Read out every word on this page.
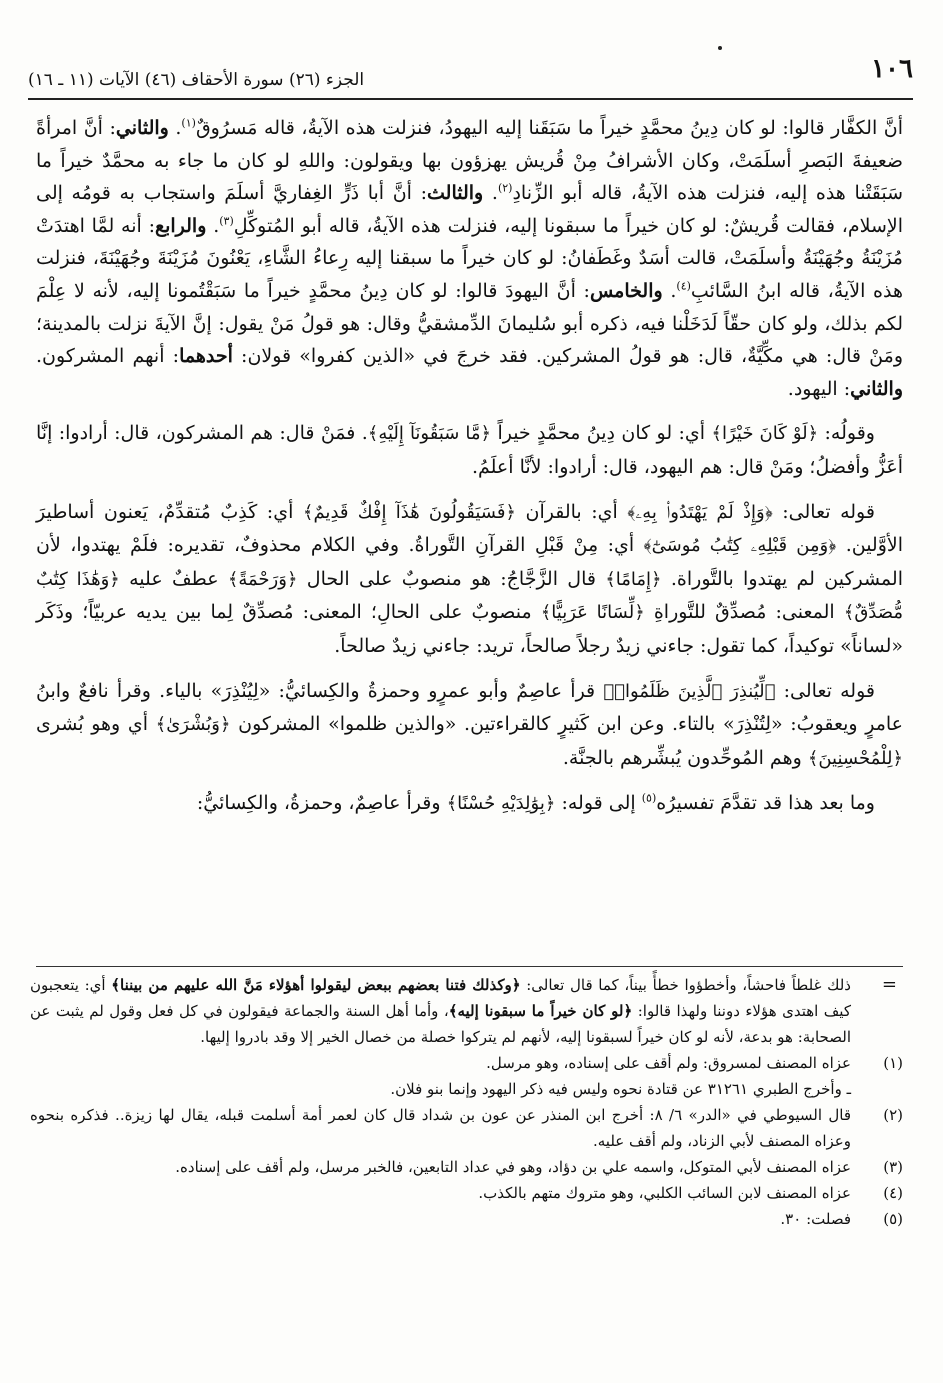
١٠٦
الجزء (٢٦) سورة الأحقاف (٤٦) الآيات (١١ ـ ١٦)

أنَّ الكفَّار قالوا: لو كان دِينُ محمَّدٍ خيراً ما سَبَقَنا إليه اليهودُ، فنزلت هذه الآيةُ، قاله مَسرُوقٌ$^{(١)}$. والثاني: أنَّ امرأةً ضعيفةَ البَصرِ أسلَمَتْ، وكان الأشرافُ مِنْ قُريش يهزؤون بها ويقولون: واللهِ لو كان ما جاء به محمَّدٌ خيراً ما سَبَقَتْنا هذه إليه، فنزلت هذه الآيةُ، قاله أبو الزِّنادِ$^{(٢)}$. والثالث: أنَّ أبا ذَرٍّ الغِفاريَّ أسلَمَ واستجاب به قومُه إلى الإسلام، فقالت قُريشٌ: لو كان خيراً ما سبقونا إليه، فنزلت هذه الآيةُ، قاله أبو المُتوكِّلِ$^{(٣)}$. والرابع: أنه لمَّا اهتدَتْ مُزَيْنَةُ وجُهَيْنَةُ وأسلَمَتْ، قالت أسَدٌ وغَطَفانُ: لو كان خيراً ما سبقنا إليه رِعاءُ الشَّاءِ، يَعْنُونَ مُزَيْنَةَ وجُهَيْنَةَ، فنزلت هذه الآيةُ، قاله ابنُ السَّائبِ$^{(٤)}$. والخامس: أنَّ اليهودَ قالوا: لو كان دِينُ محمَّدٍ خيراً ما سَبَقْتُمونا إليه، لأنه لا عِلْمَ لكم بذلك، ولو كان حقّاً لَدَخَلْنا فيه، ذكره أبو سُليمانَ الدِّمشقيُّ وقال: هو قولُ مَنْ يقول: إنَّ الآيةَ نزلت بالمدينة؛ ومَنْ قال: هي مكِّيَّةٌ، قال: هو قولُ المشركين. فقد خرجَ في «الذين كفروا» قولان: أحدهما: أنهم المشركون. والثاني: اليهود.

وقولُه: ﴿لَوْ كَانَ خَيْرًا﴾ أي: لو كان دِينُ محمَّدٍ خيراً ﴿مَّا سَبَقُونَآ إِلَيْهِ﴾. فمَنْ قال: هم المشركون، قال: أرادوا: إنَّا أعَزُّ وأفضلُ؛ ومَنْ قال: هم اليهود، قال: أرادوا: لأنَّا أعلَمُ.

قوله تعالى: ﴿وَإِذْ لَمْ يَهْتَدُوا۟ بِهِۦ﴾ أي: بالقرآن ﴿فَسَيَقُولُونَ هَٰذَآ إِفْكٌ قَدِيمٌ﴾ أي: كَذِبٌ مُتقدِّمٌ، يَعنون أساطيرَ الأوَّلين. ﴿وَمِن قَبْلِهِۦ كِتَٰبُ مُوسَىٰٓ﴾ أي: مِنْ قَبْلِ القرآنِ التَّوراةُ. وفي الكلام محذوفٌ، تقديره: فلَمْ يهتدوا، لأن المشركين لم يهتدوا بالتَّوراة. ﴿إِمَامًا﴾ قال الزَّجَّاجُ: هو منصوبٌ على الحال ﴿وَرَحْمَةً﴾ عطفٌ عليه ﴿وَهَٰذَا كِتَٰبٌ مُّصَدِّقٌ﴾ المعنى: مُصدِّقٌ للتَّوراةِ ﴿لِّسَانًا عَرَبِيًّا﴾ منصوبٌ على الحالِ؛ المعنى: مُصدِّقٌ لِما بين يديه عربيّاً؛ وذَكَر «لساناً» توكيداً، كما تقول: جاءني زيدٌ رجلاً صالحاً، تريد: جاءني زيدٌ صالحاً.

قوله تعالى: ﴿لِّيُنذِرَ ٱلَّذِينَ ظَلَمُوا۟﴾ قرأ عاصِمٌ وأبو عمرٍو وحمزةُ والكِسائيُّ: «لِيُنْذِرَ» بالياء. وقرأ نافعٌ وابنُ عامرٍ ويعقوبُ: «لِتُنْذِرَ» بالتاء. وعن ابن كَثيرٍ كالقراءتين. «والذين ظلموا» المشركون ﴿وَبُشْرَىٰ﴾ أي وهو بُشرى ﴿لِلْمُحْسِنِينَ﴾ وهم المُوحِّدون يُبشِّرهم بالجنَّة.

وما بعد هذا قد تقدَّمَ تفسيرُه$^{(٥)}$ إلى قوله: ﴿بِوَٰلِدَيْهِ حُسْنًا﴾ وقرأ عاصِمٌ، وحمزةُ، والكِسائيُّ:

=
ذلك غلطاً فاحشاً، وأخطؤوا خطأً بيناً، كما قال تعالى: ﴿وكذلك فتنا بعضهم ببعض ليقولوا أهؤلاء مَنَّ الله عليهم من بيننا﴾ أي: يتعجبون كيف اهتدى هؤلاء دوننا ولهذا قالوا: ﴿لو كان خيراً ما سبقونا إليه﴾، وأما أهل السنة والجماعة فيقولون في كل فعل وقول لم يثبت عن الصحابة: هو بدعة، لأنه لو كان خيراً لسبقونا إليه، لأنهم لم يتركوا خصلة من خصال الخير إلا وقد بادروا إليها.
(١)
عزاه المصنف لمسروق: ولم أقف على إسناده، وهو مرسل.
ـ وأخرج الطبري ٣١٢٦١ عن قتادة نحوه وليس فيه ذكر اليهود وإنما بنو فلان.
(٢)
قال السيوطي في «الدر» ٦/ ٨: أخرج ابن المنذر عن عون بن شداد قال كان لعمر أمة أسلمت قبله، يقال لها زيزة.. فذكره بنحوه وعزاه المصنف لأبي الزناد، ولم أقف عليه.
(٣)
عزاه المصنف لأبي المتوكل، واسمه علي بن دؤاد، وهو في عداد التابعين، فالخبر مرسل، ولم أقف على إسناده.
(٤)
عزاه المصنف لابن السائب الكلبي، وهو متروك متهم بالكذب.
(٥)
فصلت: ٣٠.
